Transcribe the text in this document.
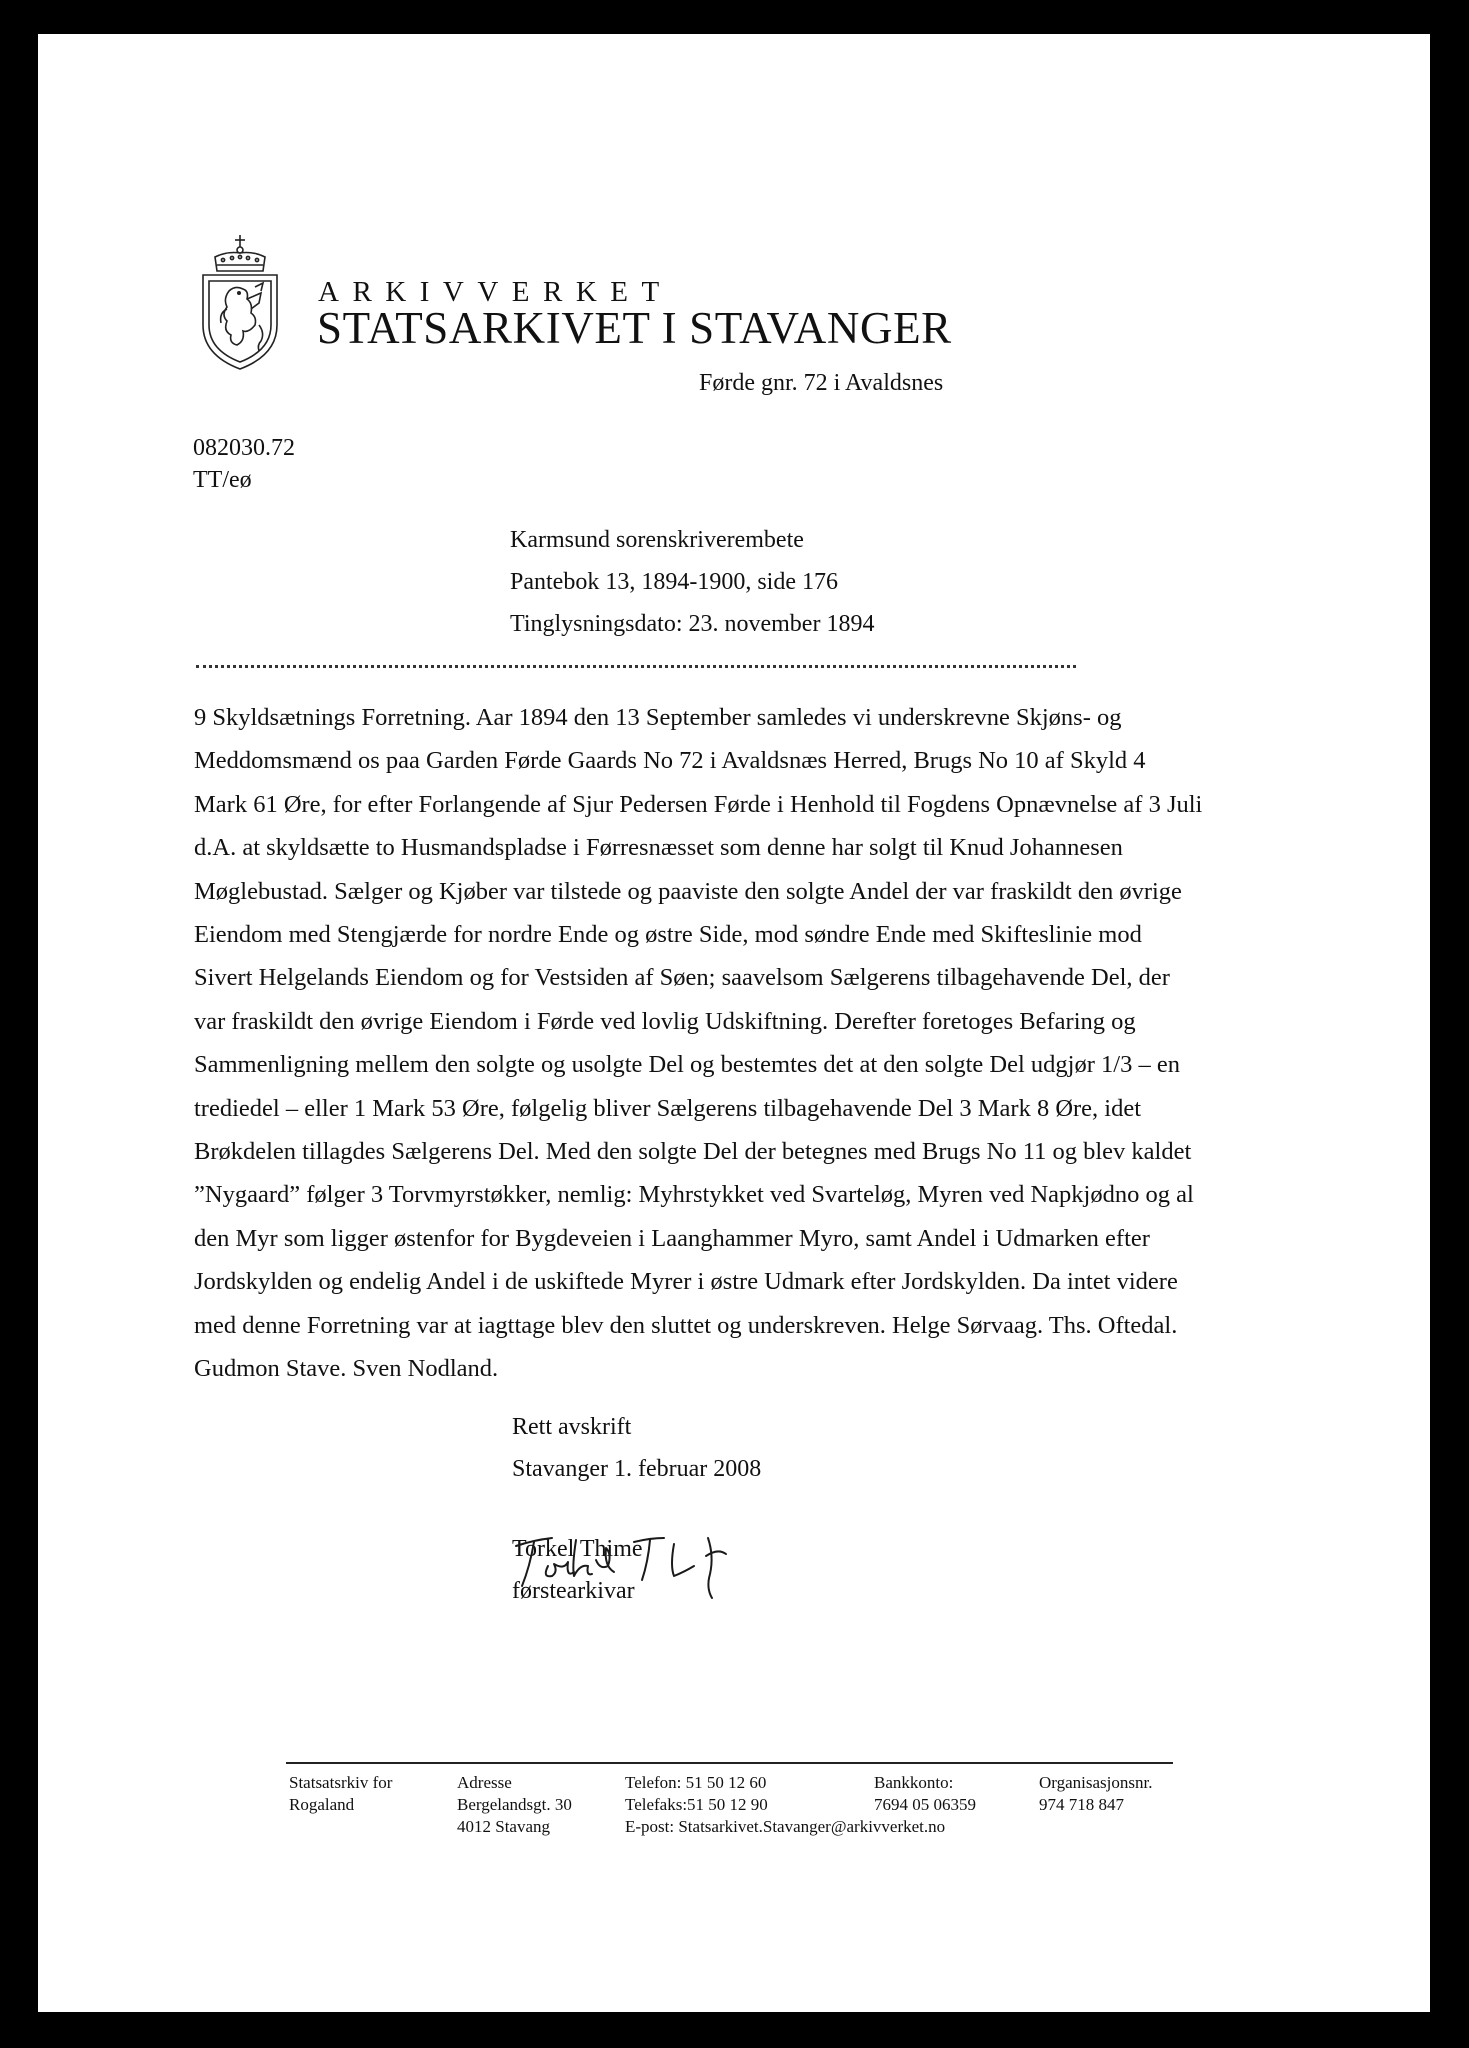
ARKIVVERKET
STATSARKIVET I STAVANGER
Førde gnr. 72 i Avaldsnes
082030.72
TT/eø
Karmsund sorenskriverembete
Pantebok 13, 1894-1900, side 176
Tinglysningsdato: 23. november 1894
9 Skyldsætnings Forretning. Aar 1894 den 13 September samledes vi underskrevne Skjøns- og
Meddomsmænd os paa Garden Førde Gaards No 72 i Avaldsnæs Herred, Brugs No 10 af Skyld 4
Mark 61 Øre, for efter Forlangende af Sjur Pedersen Førde i Henhold til Fogdens Opnævnelse af 3 Juli
d.A. at skyldsætte to Husmandspladse i Førresnæsset som denne har solgt til Knud Johannesen
Møglebustad. Sælger og Kjøber var tilstede og paaviste den solgte Andel der var fraskildt den øvrige
Eiendom med Stengjærde for nordre Ende og østre Side, mod søndre Ende med Skifteslinie mod
Sivert Helgelands Eiendom og for Vestsiden af Søen; saavelsom Sælgerens tilbagehavende Del, der
var fraskildt den øvrige Eiendom i Førde ved lovlig Udskiftning. Derefter foretoges Befaring og
Sammenligning mellem den solgte og usolgte Del og bestemtes det at den solgte Del udgjør 1/3 – en
trediedel – eller 1 Mark 53 Øre, følgelig bliver Sælgerens tilbagehavende Del 3 Mark 8 Øre, idet
Brøkdelen tillagdes Sælgerens Del. Med den solgte Del der betegnes med Brugs No 11 og blev kaldet
”Nygaard” følger 3 Torvmyrstøkker, nemlig: Myhrstykket ved Svarteløg, Myren ved Napkjødno og al
den Myr som ligger østenfor for Bygdeveien i Laanghammer Myro, samt Andel i Udmarken efter
Jordskylden og endelig Andel i de uskiftede Myrer i østre Udmark efter Jordskylden. Da intet videre
med denne Forretning var at iagttage blev den sluttet og underskreven. Helge Sørvaag. Ths. Oftedal.
Gudmon Stave. Sven Nodland.
Rett avskrift
Stavanger 1. februar 2008
Torkel Thime
førstearkivar
Statsatsrkiv for
Rogaland
Adresse
Bergelandsgt. 30
4012 Stavang
Telefon: 51 50 12 60
Telefaks:51 50 12 90
E-post: Statsarkivet.Stavanger@arkivverket.no
Bankkonto:
7694 05 06359
Organisasjonsnr.
974 718 847
